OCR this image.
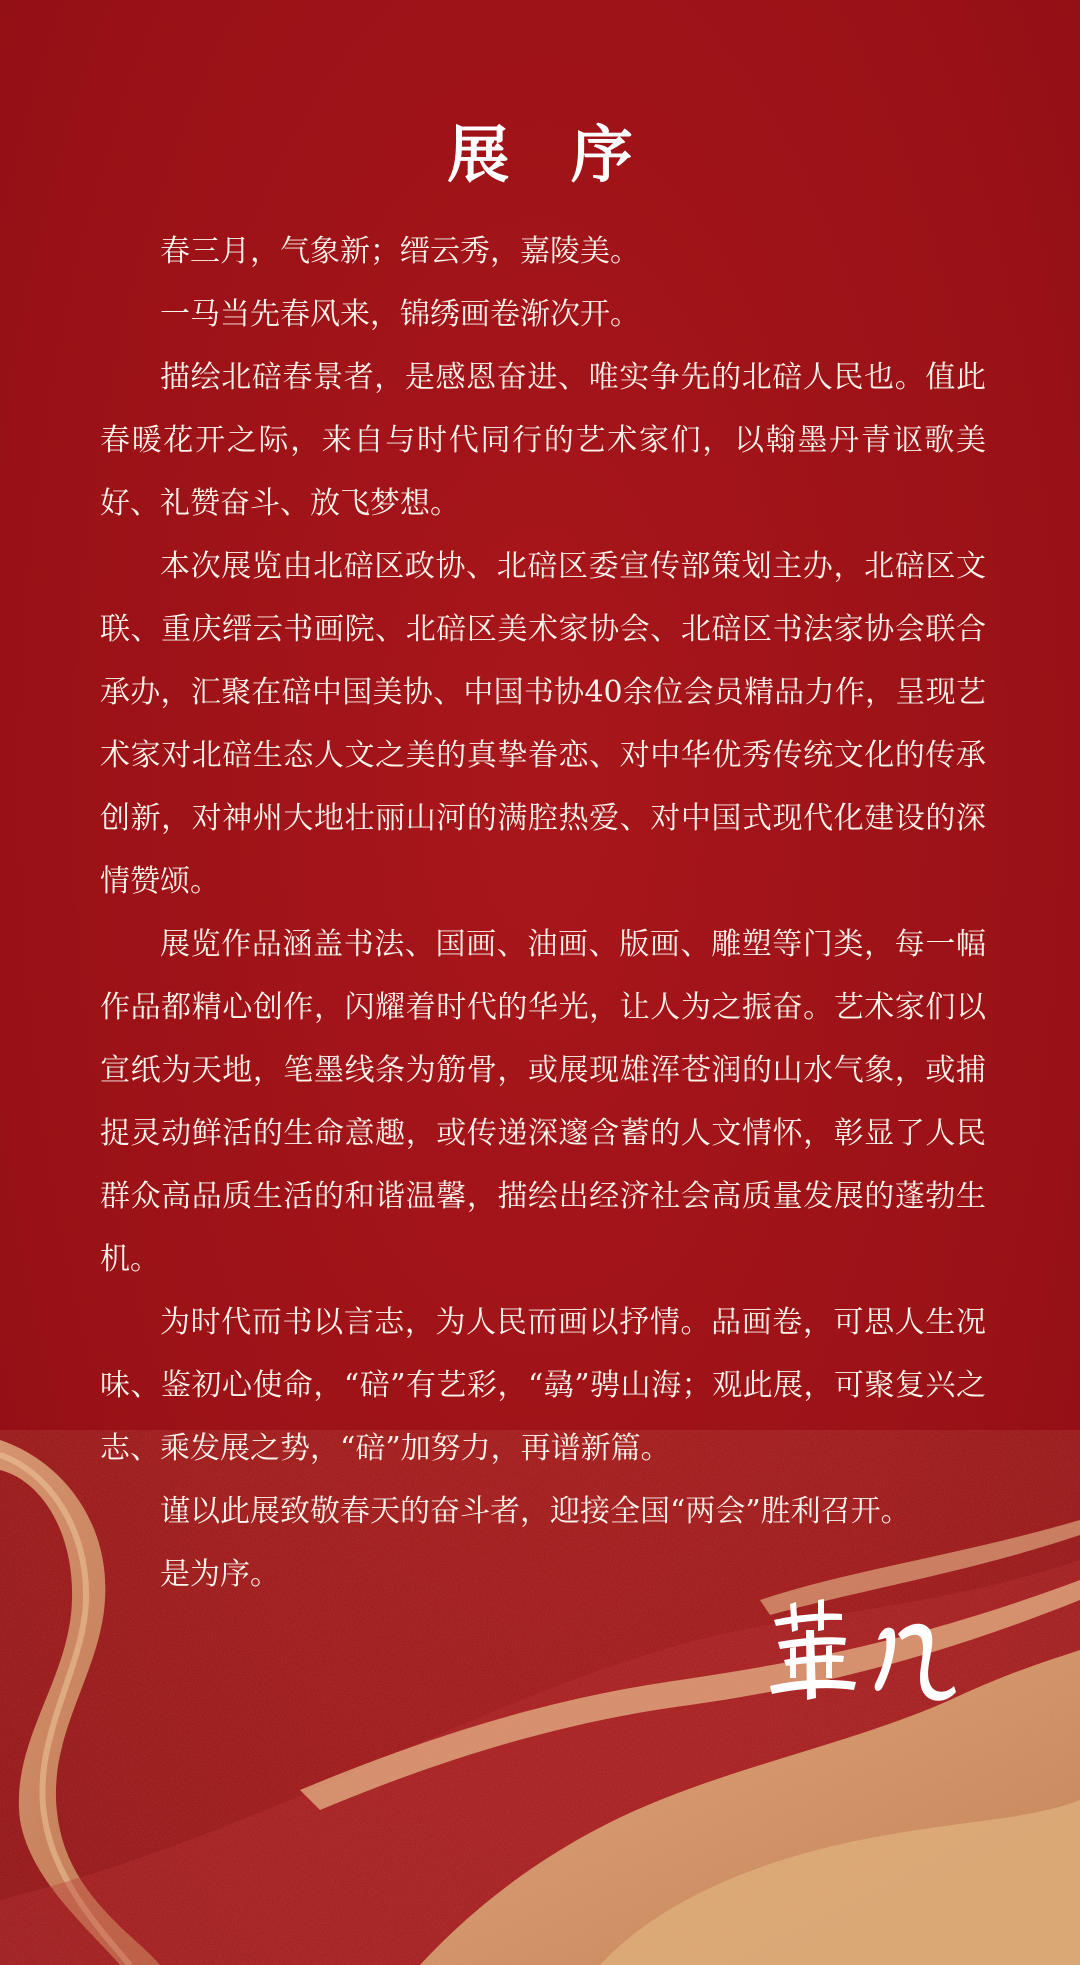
展 序

春三月，气象新；缙云秀，嘉陵美。

一马当先春风来，锦绣画卷渐次开。

描绘北碚春景者，是感恩奋进、唯实争先的北碚人民也。值此春暖花开之际，来自与时代同行的艺术家们，以翰墨丹青讴歌美好、礼赞奋斗、放飞梦想。

本次展览由北碚区政协、北碚区委宣传部策划主办，北碚区文联、重庆缙云书画院、北碚区美术家协会、北碚区书法家协会联合承办，汇聚在碚中国美协、中国书协40余位会员精品力作，呈现艺术家对北碚生态人文之美的真挚眷恋、对中华优秀传统文化的传承创新，对神州大地壮丽山河的满腔热爱、对中国式现代化建设的深情赞颂。

展览作品涵盖书法、国画、油画、版画、雕塑等门类，每一幅作品都精心创作，闪耀着时代的华光，让人为之振奋。艺术家们以宣纸为天地，笔墨线条为筋骨，或展现雄浑苍润的山水气象，或捕捉灵动鲜活的生命意趣，或传递深邃含蓄的人文情怀，彰显了人民群众高品质生活的和谐温馨，描绘出经济社会高质量发展的蓬勃生机。

为时代而书以言志，为人民而画以抒情。品画卷，可思人生况味、鉴初心使命，“碚”有艺彩，“骉”骋山海；观此展，可聚复兴之志、乘发展之势，“碚”加努力，再谱新篇。

谨以此展致敬春天的奋斗者，迎接全国“两会”胜利召开。

是为序。
